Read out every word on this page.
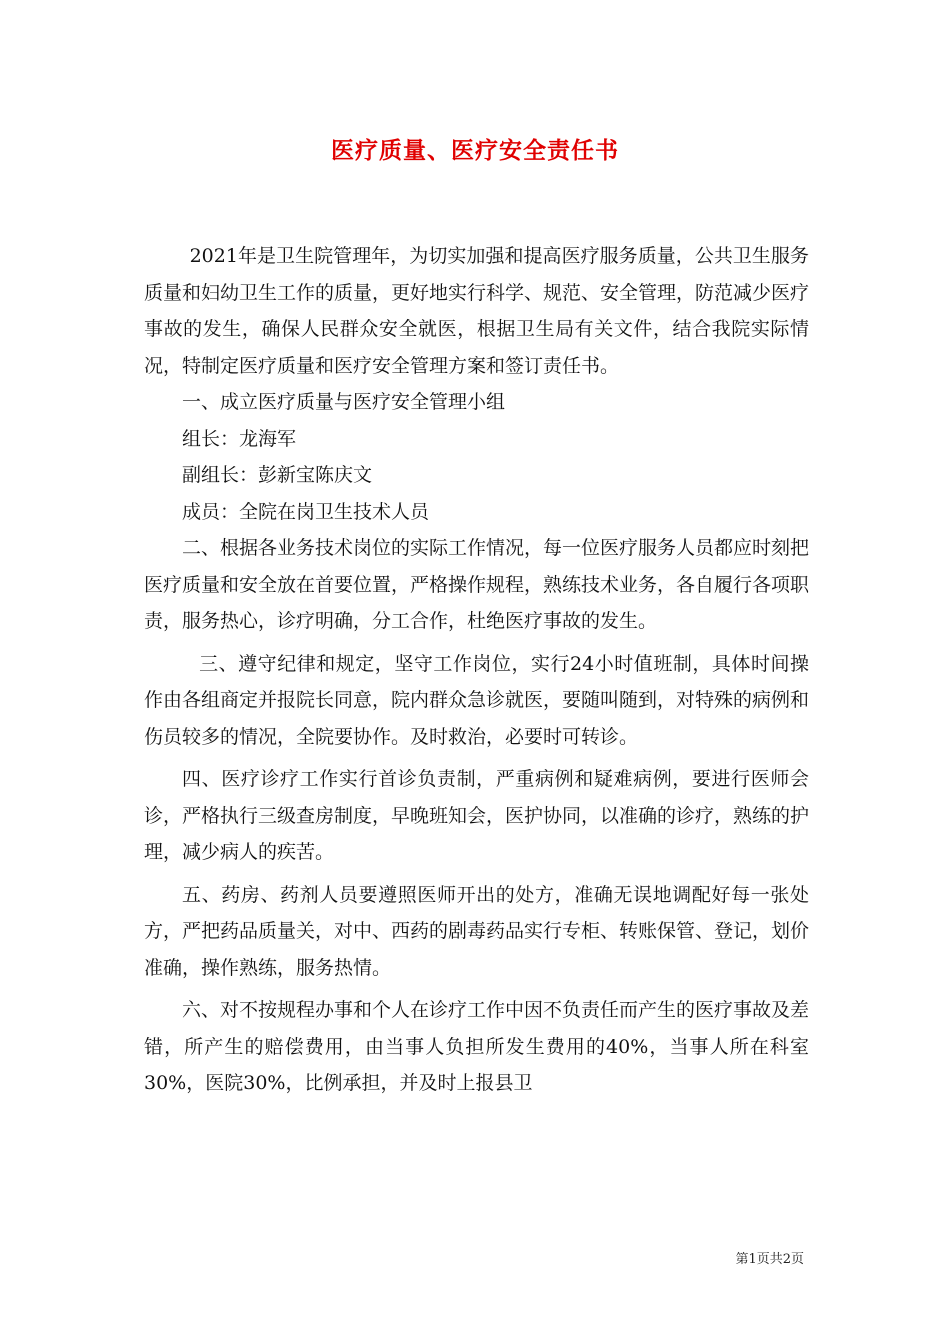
医疗质量、医疗安全责任书

2021年是卫生院管理年，为切实加强和提高医疗服务质量，公共卫生服务质量和妇幼卫生工作的质量，更好地实行科学、规范、安全管理，防范减少医疗事故的发生，确保人民群众安全就医，根据卫生局有关文件，结合我院实际情况，特制定医疗质量和医疗安全管理方案和签订责任书。

一、成立医疗质量与医疗安全管理小组

组长：龙海军

副组长：彭新宝陈庆文

成员：全院在岗卫生技术人员

二、根据各业务技术岗位的实际工作情况，每一位医疗服务人员都应时刻把医疗质量和安全放在首要位置，严格操作规程，熟练技术业务，各自履行各项职责，服务热心，诊疗明确，分工合作，杜绝医疗事故的发生。

三、遵守纪律和规定，坚守工作岗位，实行24小时值班制，具体时间操作由各组商定并报院长同意，院内群众急诊就医，要随叫随到，对特殊的病例和伤员较多的情况，全院要协作。及时救治，必要时可转诊。

四、医疗诊疗工作实行首诊负责制，严重病例和疑难病例，要进行医师会诊，严格执行三级查房制度，早晚班知会，医护协同，以准确的诊疗，熟练的护理，减少病人的疾苦。

五、药房、药剂人员要遵照医师开出的处方，准确无误地调配好每一张处方，严把药品质量关，对中、西药的剧毒药品实行专柜、转账保管、登记，划价准确，操作熟练，服务热情。

六、对不按规程办事和个人在诊疗工作中因不负责任而产生的医疗事故及差错，所产生的赔偿费用，由当事人负担所发生费用的40%，当事人所在科室30%，医院30%，比例承担，并及时上报县卫

第1页共2页
